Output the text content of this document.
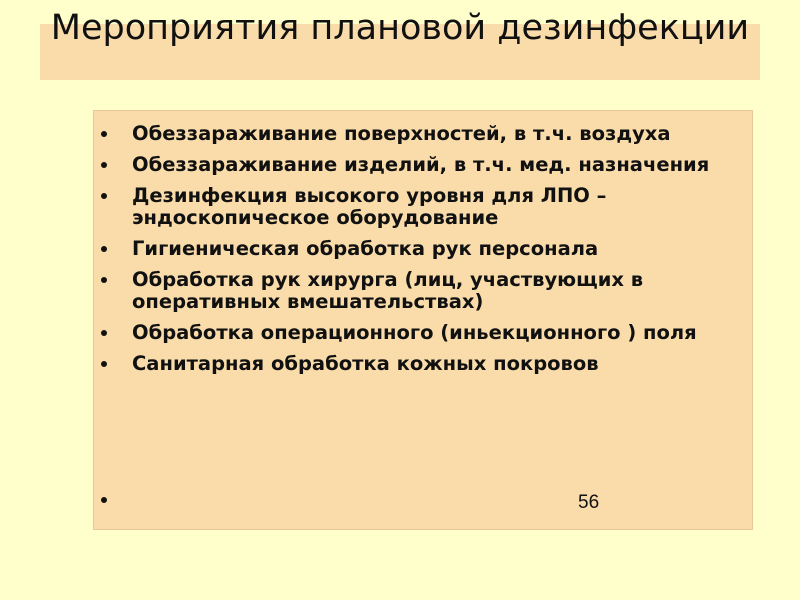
Мероприятия плановой дезинфекции
Обеззараживание поверхностей, в т.ч. воздуха
Обеззараживание изделий, в т.ч. мед. назначения
Дезинфекция высокого уровня для ЛПО – эндоскопическое оборудование
Гигиеническая обработка рук персонала
Обработка рук хирурга (лиц, участвующих в оперативных вмешательствах)
Обработка операционного (иньекционного ) поля
Санитарная обработка кожных покровов
56
